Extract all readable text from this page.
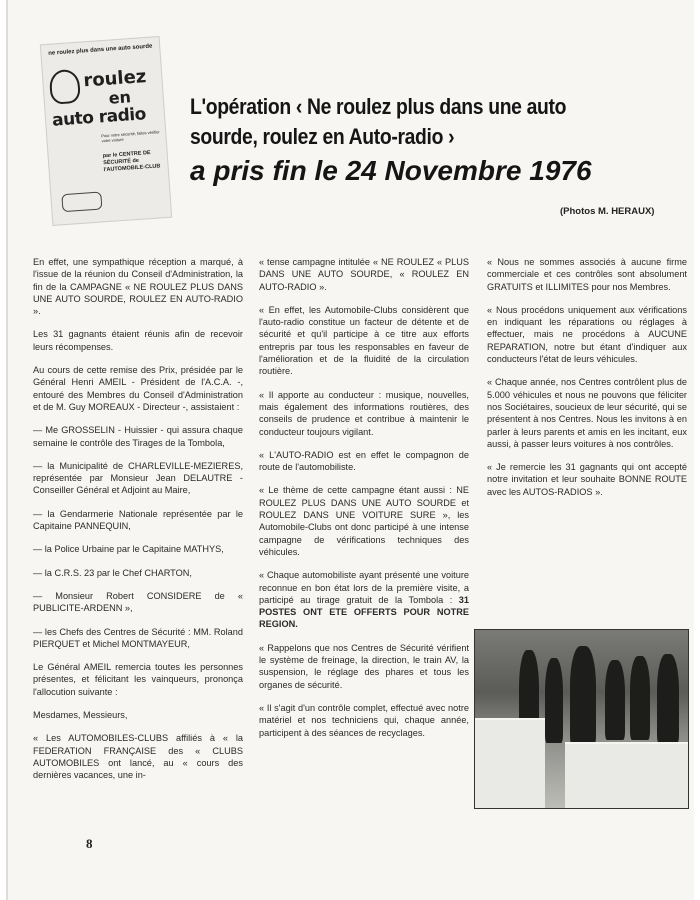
ne roulez plus dans une auto sourde
roulez
en
auto radio
Pour votre sécurité, faites vérifier votre voiture
par le CENTRE DE SÉCURITÉ de l'AUTOMOBILE-CLUB
L'opération ‹ Ne roulez plus dans une auto
sourde, roulez en Auto-radio ›
a pris fin le 24 Novembre 1976
(Photos M. HERAUX)

En effet, une sympathique réception a marqué, à l'issue de la réunion du Conseil d'Administration, la fin de la CAMPAGNE « NE ROULEZ PLUS DANS UNE AUTO SOURDE, ROULEZ EN AUTO-RADIO ».

Les 31 gagnants étaient réunis afin de recevoir leurs récompenses.

Au cours de cette remise des Prix, présidée par le Général Henri AMEIL - Président de l'A.C.A. -, entouré des Membres du Conseil d'Administration et de M. Guy MOREAUX - Directeur -, assistaient :

— Me GROSSELIN - Huissier - qui assura chaque semaine le contrôle des Tirages de la Tombola,

— la Municipalité de CHARLEVILLE-MEZIERES, représentée par Monsieur Jean DELAUTRE - Conseiller Général et Adjoint au Maire,

— la Gendarmerie Nationale représentée par le Capitaine PANNEQUIN,

— la Police Urbaine par le Capitaine MATHYS,

— la C.R.S. 23 par le Chef CHARTON,

— Monsieur Robert CONSIDERE de « PUBLICITE-ARDENN »,

— les Chefs des Centres de Sécurité : MM. Roland PIERQUET et Michel MONTMAYEUR,

Le Général AMEIL remercia toutes les personnes présentes, et félicitant les vainqueurs, prononça l'allocution suivante :

Mesdames, Messieurs,

« Les AUTOMOBILES-CLUBS affiliés à « la FEDERATION FRANÇAISE des « CLUBS AUTOMOBILES ont lancé, au « cours des dernières vacances, une in-

« tense campagne intitulée « NE ROULEZ « PLUS DANS UNE AUTO SOURDE, « ROULEZ EN AUTO-RADIO ».

« En effet, les Automobile-Clubs considèrent que l'auto-radio constitue un facteur de détente et de sécurité et qu'il participe à ce titre aux efforts entrepris par tous les responsables en faveur de l'amélioration et de la fluidité de la circulation routière.

« Il apporte au conducteur : musique, nouvelles, mais également des informations routières, des conseils de prudence et contribue à maintenir le conducteur toujours vigilant.

« L'AUTO-RADIO est en effet le compagnon de route de l'automobiliste.

« Le thème de cette campagne étant aussi : NE ROULEZ PLUS DANS UNE AUTO SOURDE et ROULEZ DANS UNE VOITURE SURE », les Automobile-Clubs ont donc participé à une intense campagne de vérifications techniques des véhicules.

« Chaque automobiliste ayant présenté une voiture reconnue en bon état lors de la première visite, a participé au tirage gratuit de la Tombola : 31 POSTES ONT ETE OFFERTS POUR NOTRE REGION.

« Rappelons que nos Centres de Sécurité vérifient le système de freinage, la direction, le train AV, la suspension, le réglage des phares et tous les organes de sécurité.

« Il s'agit d'un contrôle complet, effectué avec notre matériel et nos techniciens qui, chaque année, participent à des séances de recyclages.

« Nous ne sommes associés à aucune firme commerciale et ces contrôles sont absolument GRATUITS et ILLIMITES pour nos Membres.

« Nous procédons uniquement aux vérifications en indiquant les réparations ou réglages à effectuer, mais ne procédons à AUCUNE REPARATION, notre but étant d'indiquer aux conducteurs l'état de leurs véhicules.

« Chaque année, nos Centres contrôlent plus de 5.000 véhicules et nous ne pouvons que féliciter nos Sociétaires, soucieux de leur sécurité, qui se présentent à nos Centres. Nous les invitons à en parler à leurs parents et amis en les incitant, eux aussi, à passer leurs voitures à nos contrôles.

« Je remercie les 31 gagnants qui ont accepté notre invitation et leur souhaite BONNE ROUTE avec les AUTOS-RADIOS ».

8
